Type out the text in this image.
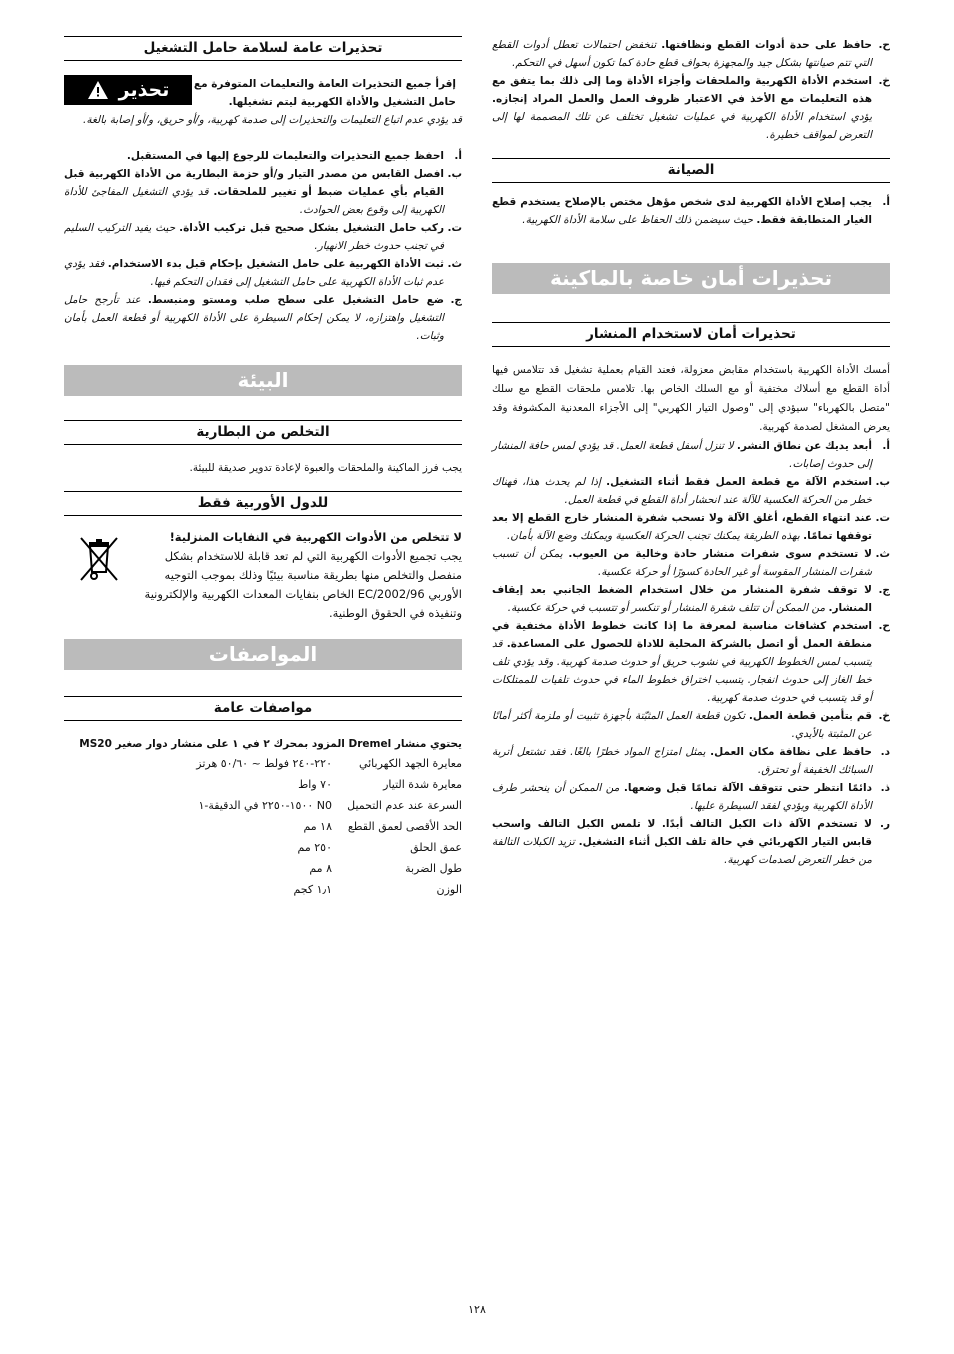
ح.
حافظ على حدة أدوات القطع ونظافتها. تنخفض احتمالات تعطل أدوات القطع التي تتم صيانتها بشكل جيد والمجهزة بحواف قطع حادة كما تكون أسهل في التحكم.
خ.
استخدم الأداة الكهربية والملحقات وأجزاء الأداة وما إلى ذلك بما يتفق مع هذه التعليمات مع الأخذ في الاعتبار ظروف العمل والعمل المراد إنجازه. يؤدي استخدام الأداة الكهربية في عمليات تشغيل تختلف عن تلك المصممة لها إلى التعرض لمواقف خطيرة.
الصيانة
أ.
يجب إصلاح الأداة الكهربية لدى شخص مؤهل مختص بالإصلاح يستخدم قطع الغيار المتطابقة فقط. حيث سيضمن ذلك الحفاظ على سلامة الأداة الكهربية.
تحذيرات أمان خاصة بالماكينة
تحذيرات أمان لاستخدام المنشار
أمسك الأداة الكهربية باستخدام مقابض معزولة، فعند القيام بعملية تشغيل قد تتلامس فيها أداة القطع مع أسلاك مختفية أو مع السلك الخاص بها. تلامس ملحقات القطع مع سلك "متصل بالكهرباء" سيؤدي إلى "وصول التيار الكهربي" إلى الأجزاء المعدنية المكشوفة وقد يعرض المشغل لصدمة كهربية.
أ.
أبعد يديك عن نطاق النشر. لا تنزل أسفل قطعة العمل. قد يؤدي لمس حافة المنشار إلى حدوث إصابات.
ب.
استخدم الآلة مع قطعة العمل فقط أثناء التشغيل. إذا لم يحدث هذا، فهناك خطر من الحركة العكسية للآلة عند انحشار أداة القطع في قطعة العمل.
ت.
عند انتهاء القطع، أغلق الآلة ولا تسحب شفرة المنشار خارج القطع إلا بعد توقفها تمامًا. بهذه الطريقة يمكنك تجنب الحركة العكسية ويمكنك وضع الآلة بأمان.
ث.
لا تستخدم سوى شفرات منشار حادة وخالية من العيوب. يمكن أن تسبب شفرات المنشار المقوسة أو غير الحادة كسورًا أو حركة عكسية.
ج.
لا توقف شفرة المنشار من خلال استخدام الضغط الجانبي بعد إيقاف المنشار. من الممكن أن تتلف شفرة المنشار أو تنكسر أو تتسبب في حركة عكسية.
ح.
استخدم كشافات مناسبة لمعرفة ما إذا كانت خطوط الأداة مختفية في منطقة العمل أو اتصل بالشركة المحلية للاداة للحصول على المساعدة. قد يتسبب لمس الخطوط الكهربية في نشوب حريق أو حدوث صدمة كهربية. وقد يؤدي تلف خط الغاز إلى حدوث انفجار. يتسبب اختراق خطوط الماء في حدوث تلفيات للممتلكات أو قد يتسبب في حدوث صدمة كهربية.
خ.
قم بتأمين قطعة العمل. تكون قطعة العمل المثبّتة بأجهزة تثبيت أو ملزمة أكثر أمانًا عن المثبتة بالأيدي.
د.
حافظ على نظافة مكان العمل. يمثل امتزاج المواد خطرًا بالغًا. فقد تشتعل أتربة السبائك الخفيفة أو تحترق.
ذ.
دائمًا انتظر حتى تتوقف الآلة تمامًا قبل وضعها. من الممكن أن ينحشر طرف الأداة الكهربية ويؤدي لفقد السيطرة عليها.
ر.
لا تستخدم الآلة ذات الكبل التالف أبدًا. لا تلمس الكبل التالف واسحب قابس التيار الكهربائي في حالة تلف الكبل أثناء التشغيل. تزيد الكبلات التالفة من خطر التعرض لصدمات كهربية.
تحذيرات عامة لسلامة حامل التشغيل
إقرأ جميع التحذيرات العامة والتعليمات المتوفرة مع حامل التشغيل والأداة الكهربية ليتم تشغيلها.
تحذير
قد يؤدي عدم اتباع التعليمات والتحذيرات إلى صدمة كهربية، و/أو حريق، و/أو إصابة بالغة.
أ.
احفظ جميع التحذيرات والتعليمات للرجوع إليها في المستقبل.
ب.
افصل القابس من مصدر التيار و/أو حزمة البطارية من الأداة الكهربية قبل القيام بأي عمليات ضبط أو تغيير للملحقات. قد يؤدي التشغيل المفاجئ للأداة الكهربية إلى وقوع بعض الحوادث.
ت.
ركب حامل التشغيل بشكل صحيح قبل تركيب الأداة. حيث يفيد التركيب السليم في تجنب حدوث خطر الانهيار.
ث.
ثبت الأداة الكهربية على حامل التشغيل بإحكام قبل بدء الاستخدام. فقد يؤدي عدم ثبات الأداة الكهربية على حامل التشغيل إلى فقدان التحكم فيها.
ج.
ضع حامل التشغيل على سطح صلب ومستو ومنبسط. عند تأرجح حامل التشغيل واهتزازه، لا يمكن إحكام السيطرة على الأداة الكهربية أو قطعة العمل بأمان وثبات.
البيئة
التخلص من البطارية
يجب فرز الماكينة والملحقات والعبوة لإعادة تدوير صديقة للبيئة.
للدول الأوربية فقط
لا تتخلص من الأدوات الكهربية في النفايات المنزلية!
يجب تجميع الأدوات الكهربية التي لم تعد قابلة للاستخدام بشكل منفصل والتخلص منها بطريقة مناسبة بيئيًا وذلك بموجب التوجيه الأوربي 2002/96/EC الخاص بنفايات المعدات الكهربية والإلكترونية وتنفيذه في الحقوق الوطنية.
المواصفات
مواصفات عامة
يحتوي منشار Dremel المزود بمحرك ٢ في ١ على منشار دوار صغير MS20
معايرة الجهد الكهربائي	٢٢٠-٢٤٠ فولط ~ ٥٠/٦٠ هرتز
معايرة شدة التيار	٧٠ واط
السرعة عند عدم التحميل	N0 ١٥٠٠-٢٢٥٠ في الدقيقة-١
الحد الأقصى لعمق القطع	١٨ مم
عمق الحلق	٢٥٠ مم
طول الضربة	٨ مم
الوزن	١٫١ كجم
١٢٨
